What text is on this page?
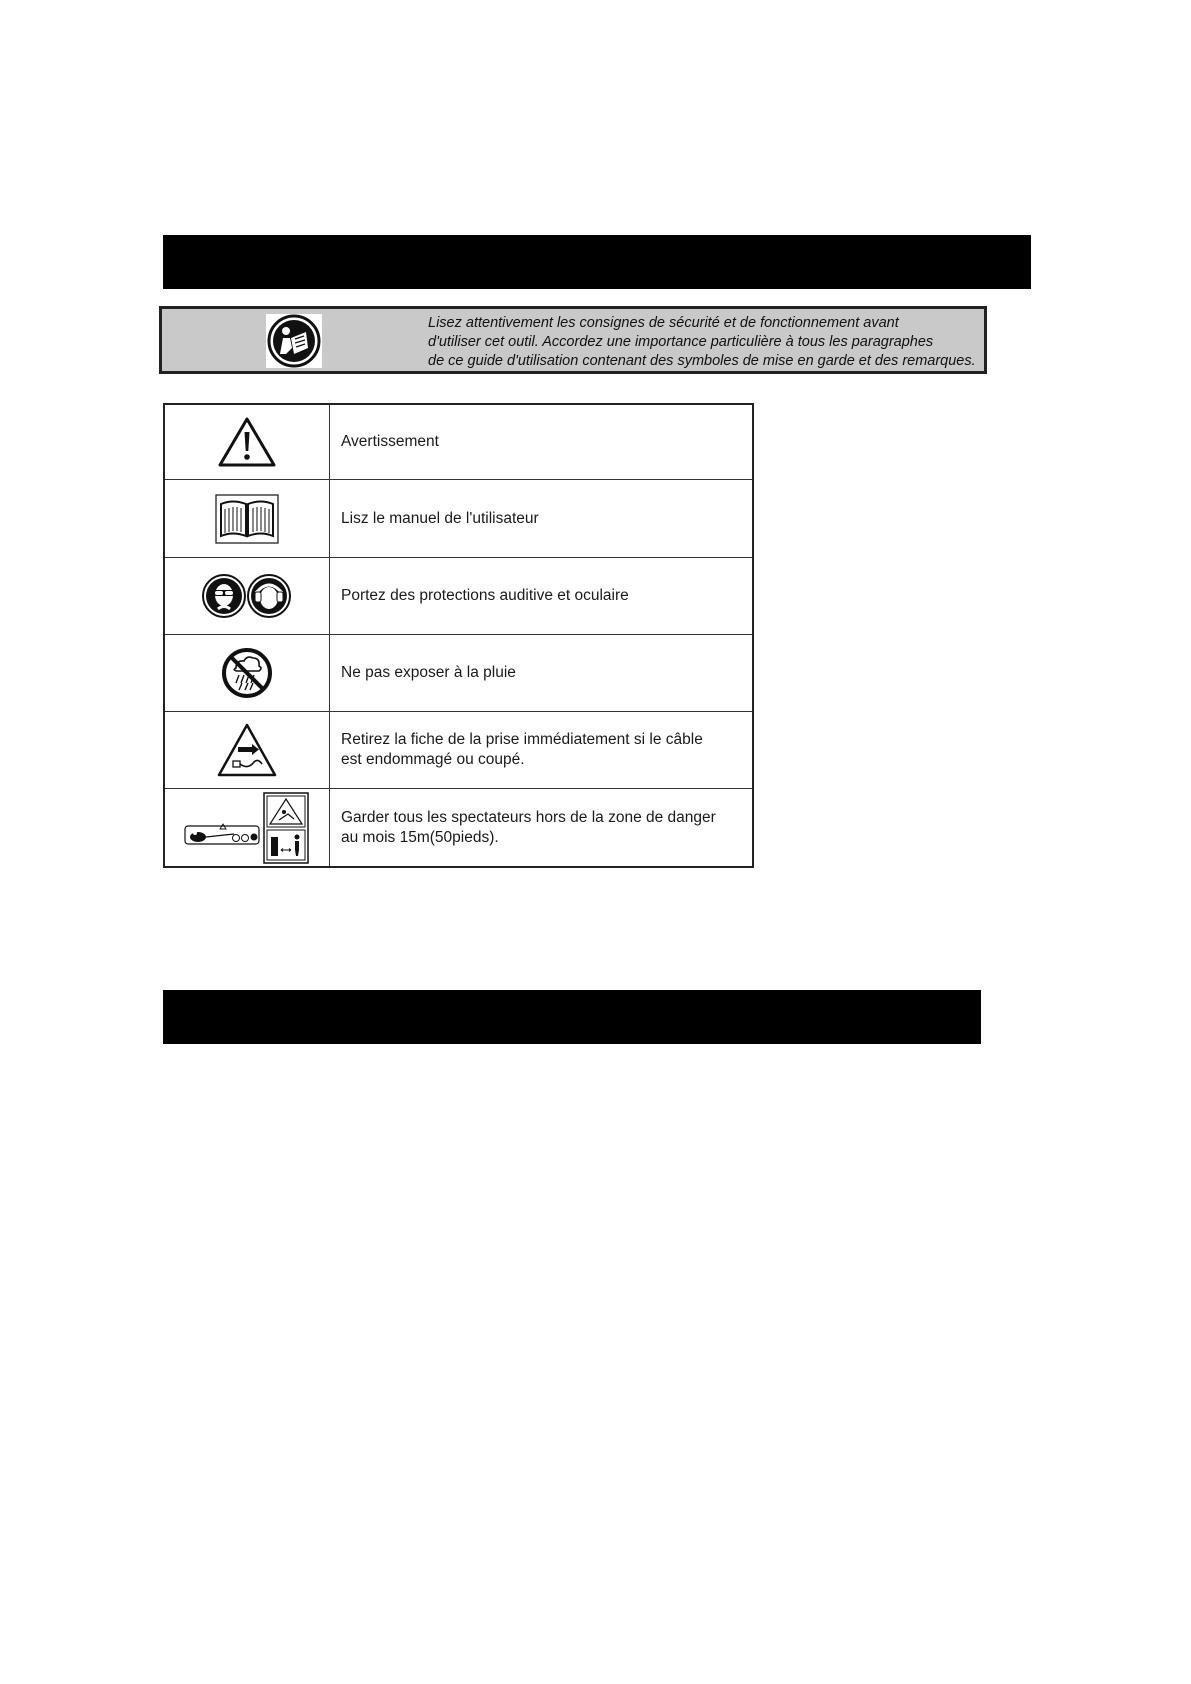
Lisez attentivement les consignes de sécurité et de fonctionnement avant
d'utiliser cet outil. Accordez une importance particulière à tous les paragraphes
de ce guide d'utilisation contenant des symboles de mise en garde et des remarques.
Avertissement
Lisz le manuel de l'utilisateur
Portez des protections auditive et oculaire
Ne pas exposer à la pluie
Retirez la fiche de la prise immédiatement si le câble
est endommagé ou coupé.
Garder tous les spectateurs hors de la zone de danger
au mois 15m(50pieds).
